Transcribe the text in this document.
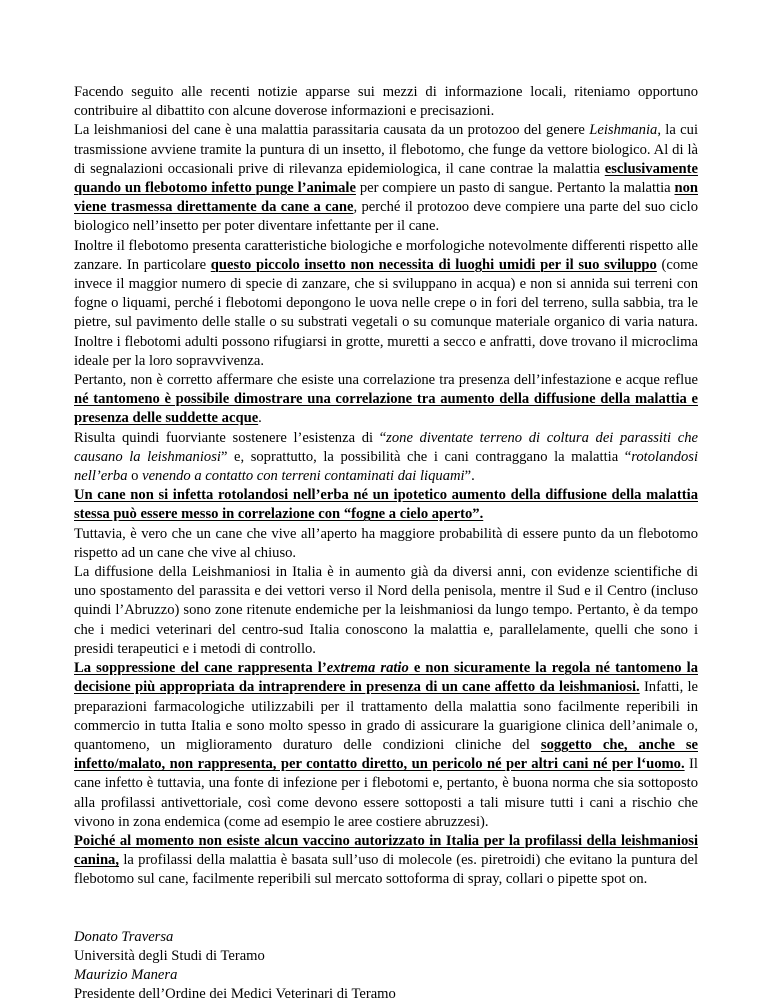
Facendo seguito alle recenti notizie apparse sui mezzi di informazione locali, riteniamo opportuno contribuire al dibattito con alcune doverose informazioni e precisazioni.

La leishmaniosi del cane è una malattia parassitaria causata da un protozoo del genere Leishmania, la cui trasmissione avviene tramite la puntura di un insetto, il flebotomo, che funge da vettore biologico. Al di là di segnalazioni occasionali prive di rilevanza epidemiologica, il cane contrae la malattia esclusivamente quando un flebotomo infetto punge l’animale per compiere un pasto di sangue. Pertanto la malattia non viene trasmessa direttamente da cane a cane, perché il protozoo deve compiere una parte del suo ciclo biologico nell’insetto per poter diventare infettante per il cane.

Inoltre il flebotomo presenta caratteristiche biologiche e morfologiche notevolmente differenti rispetto alle zanzare. In particolare questo piccolo insetto non necessita di luoghi umidi per il suo sviluppo (come invece il maggior numero di specie di zanzare, che si sviluppano in acqua) e non si annida sui terreni con fogne o liquami, perché i flebotomi depongono le uova nelle crepe o in fori del terreno, sulla sabbia, tra le pietre, sul pavimento delle stalle o su substrati vegetali o su comunque materiale organico di varia natura. Inoltre i flebotomi adulti possono rifugiarsi in grotte, muretti a secco e anfratti, dove trovano il microclima ideale per la loro sopravvivenza.

Pertanto, non è corretto affermare che esiste una correlazione tra presenza dell’infestazione e acque reflue né tantomeno è possibile dimostrare una correlazione tra aumento della diffusione della malattia e presenza delle suddette acque.

Risulta quindi fuorviante sostenere l’esistenza di “zone diventate terreno di coltura dei parassiti che causano la leishmaniosi” e, soprattutto, la possibilità che i cani contraggano la malattia “rotolandosi nell’erba o venendo a contatto con terreni contaminati dai liquami”.

Un cane non si infetta rotolandosi nell’erba né un ipotetico aumento della diffusione della malattia stessa può essere messo in correlazione con “fogne a cielo aperto”.

Tuttavia, è vero che un cane che vive all’aperto ha maggiore probabilità di essere punto da un flebotomo rispetto ad un cane che vive al chiuso.

La diffusione della Leishmaniosi in Italia è in aumento già da diversi anni, con evidenze scientifiche di uno spostamento del parassita e dei vettori verso il Nord della penisola, mentre il Sud e il Centro (incluso quindi l’Abruzzo) sono zone ritenute endemiche per la leishmaniosi da lungo tempo. Pertanto, è da tempo che i medici veterinari del centro-sud Italia conoscono la malattia e, parallelamente, quelli che sono i presidi terapeutici e i metodi di controllo.

La soppressione del cane rappresenta l’extrema ratio e non sicuramente la regola né tantomeno la decisione più appropriata da intraprendere in presenza di un cane affetto da leishmaniosi. Infatti, le preparazioni farmacologiche utilizzabili per il trattamento della malattia sono facilmente reperibili in commercio in tutta Italia e sono molto spesso in grado di assicurare la guarigione clinica dell’animale o, quantomeno, un miglioramento duraturo delle condizioni cliniche del soggetto che, anche se infetto/malato, non rappresenta, per contatto diretto, un pericolo né per altri cani né per l‘uomo. Il cane infetto è tuttavia, una fonte di infezione per i flebotomi e, pertanto, è buona norma che sia sottoposto alla profilassi antivettoriale, così come devono essere sottoposti a tali misure tutti i cani a rischio che vivono in zona endemica (come ad esempio le aree costiere abruzzesi).

Poiché al momento non esiste alcun vaccino autorizzato in Italia per la profilassi della leishmaniosi canina, la profilassi della malattia è basata sull’uso di molecole (es. piretroidi) che evitano la puntura del flebotomo sul cane, facilmente reperibili sul mercato sottoforma di spray, collari o pipette spot on.

Donato Traversa
Università degli Studi di Teramo
Maurizio Manera
Presidente dell’Ordine dei Medici Veterinari di Teramo
